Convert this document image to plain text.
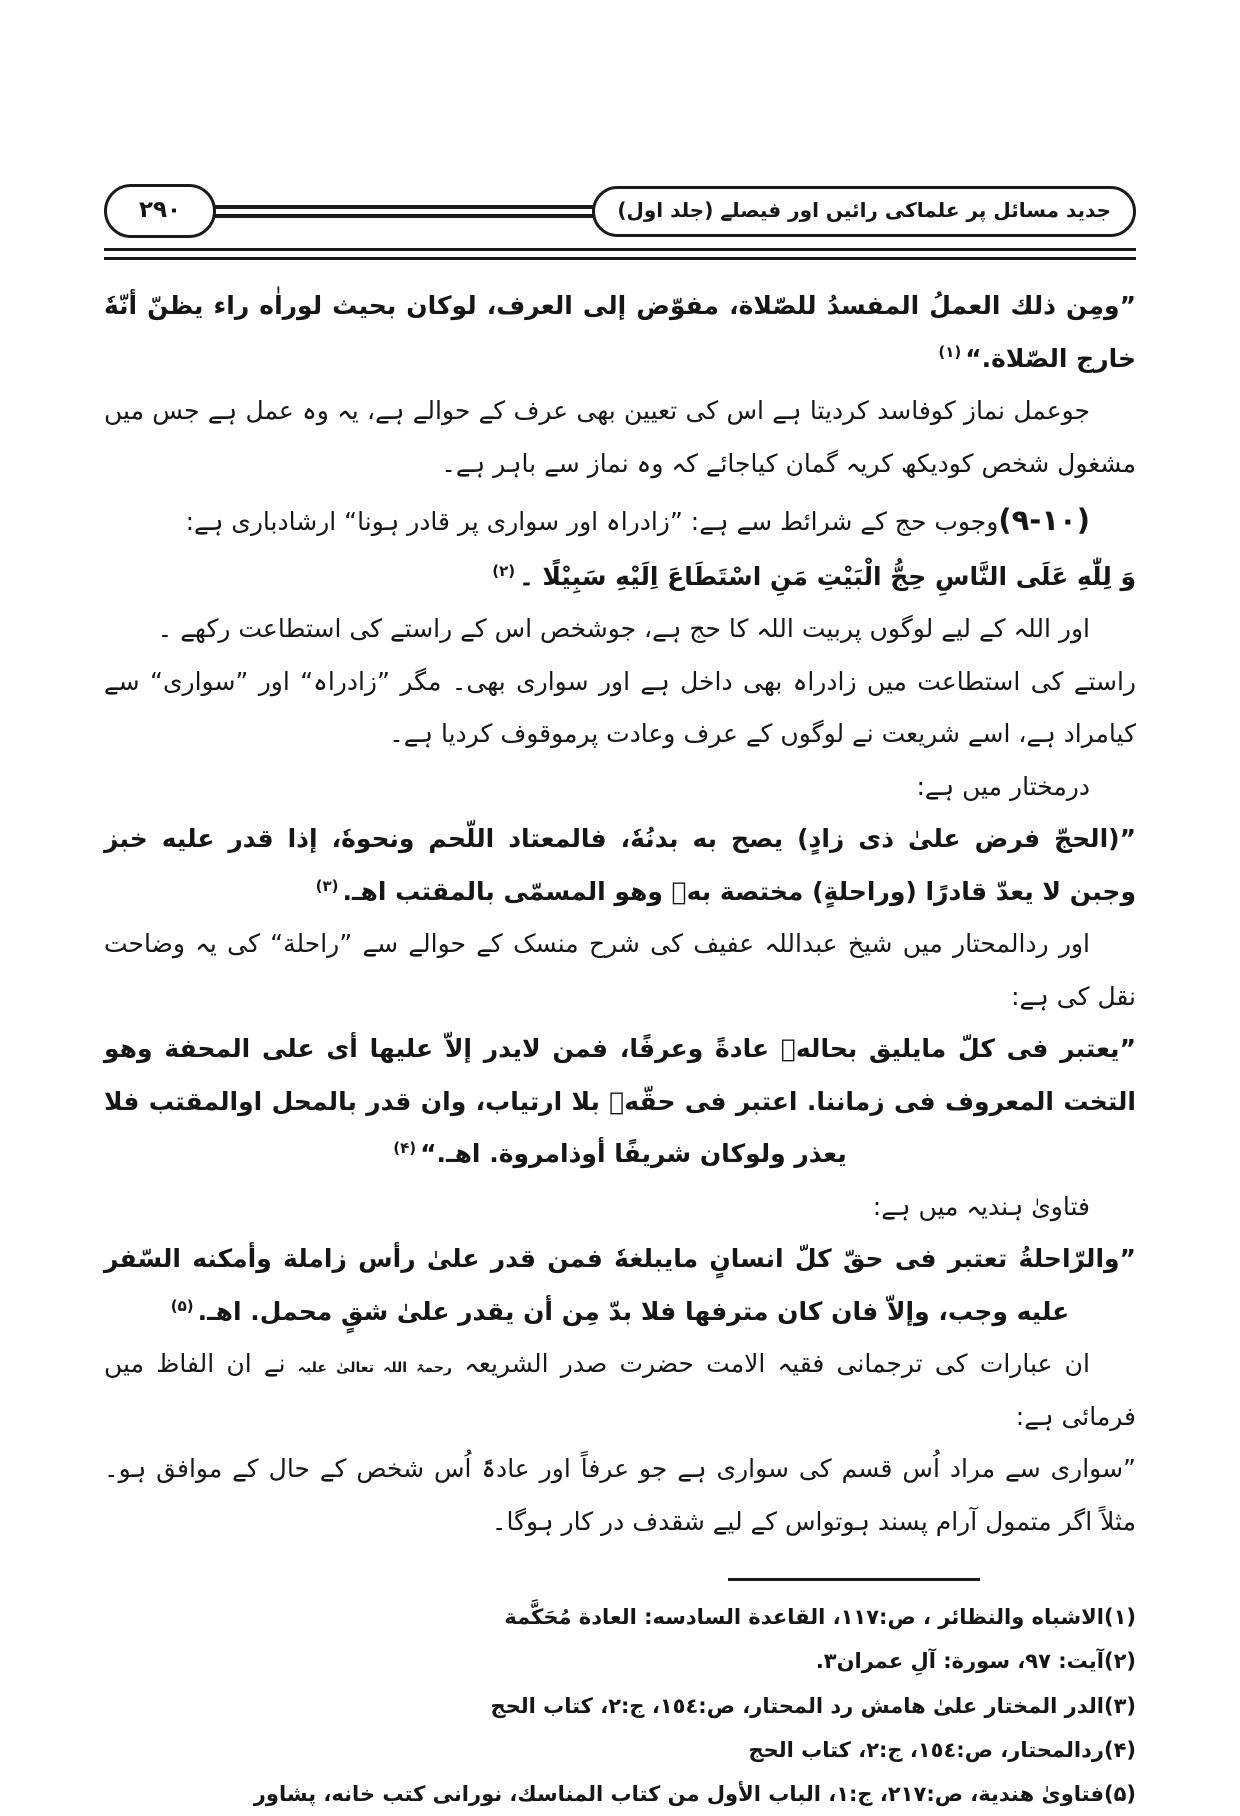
جدید مسائل پر علماکی رائیں اور فیصلے (جلد اول)
۲۹۰

”ومِن ذلك العملُ المفسدُ للصّلاة، مفوّض إلى العرف، لوكان بحيث لوراٰه راء يظنّ أنّهٗ خارج الصّلاة.“$^{(١)}$

جوعمل نماز کوفاسد کردیتا ہے اس کی تعیین بھی عرف کے حوالے ہے، یہ وہ عمل ہے جس میں مشغول شخص کودیکھ کریہ گمان کیاجائے کہ وہ نماز سے باہر ہے۔

(۹-۱۰)وجوب حج کے شرائط سے ہے: ”زادراہ اور سواری پر قادر ہونا“ ارشادباری ہے:

وَ لِلّٰهِ عَلَى النَّاسِ حِجُّ الْبَيْتِ مَنِ اسْتَطَاعَ اِلَيْهِ سَبِيْلًا ۔$^{(٢)}$

اور اللہ کے لیے لوگوں پربیت اللہ کا حج ہے، جوشخص اس کے راستے کی استطاعت رکھے ۔

راستے کی استطاعت میں زادراہ بھی داخل ہے اور سواری بھی۔ مگر ”زادراہ“ اور ”سواری“ سے کیامراد ہے، اسے شریعت نے لوگوں کے عرف وعادت پرموقوف کردیا ہے۔

درمختار میں ہے:

”(الحجّ فرض علىٰ ذى زادٍ) يصح به بدنُهٗ، فالمعتاد اللّحم ونحوهٗ، إذا قدر عليه خبز وجبن لا يعدّ قادرًا (وراحلةٍ) مختصة بهٖ وهو المسمّى بالمقتب اهـ.$^{(٣)}$

اور ردالمحتار میں شیخ عبداللہ عفیف کی شرح منسک کے حوالے سے ”راحلة“ کی یہ وضاحت نقل کی ہے:

”يعتبر فى كلّ مايليق بحالهٖ عادةً وعرفًا، فمن لايدر إلاّ عليها أى على المحفة وهو التخت المعروف فى زماننا. اعتبر فى حقّهٖ بلا ارتياب، وان قدر بالمحل اوالمقتب فلا يعذر ولوكان شريفًا أوذامروة. اهـ.“$^{(۴)}$

فتاویٰ ہندیہ میں ہے:

”والرّاحلةُ تعتبر فى حقّ كلّ انسانٍ مايبلغهٗ فمن قدر علىٰ رأس زاملة وأمكنه السّفر عليه وجب، وإلاّ فان كان مترفها فلا بدّ مِن أن يقدر علىٰ شقٍ محمل. اهـ.$^{(۵)}$

ان عبارات کی ترجمانی فقیہ الامت حضرت صدر الشریعہ رحمۃ اللہ تعالیٰ علیہ نے ان الفاظ میں فرمائی ہے:

”سواری سے مراد اُس قسم کی سواری ہے جو عرفاً اور عادۃً اُس شخص کے حال کے موافق ہو۔ مثلاً اگر متمول آرام پسند ہوتواس کے لیے شقدف در کار ہوگا۔

(١)الاشباه والنظائر ، ص:١١٧، القاعدة السادسه: العادة مُحَكَّمة
(٢)آیت: ٩٧، سورة: آلِ عمران٣.
(٣)الدر المختار علىٰ هامش رد المحتار، ص:١٥٤، ج:٢، كتاب الحج
(۴)ردالمحتار، ص:١٥٤، ج:٢، كتاب الحج
(۵)فتاوىٰ هندية، ص:٢١٧، ج:١، الباب الأول من كتاب المناسك، نورانى كتب خانه، پشاور
